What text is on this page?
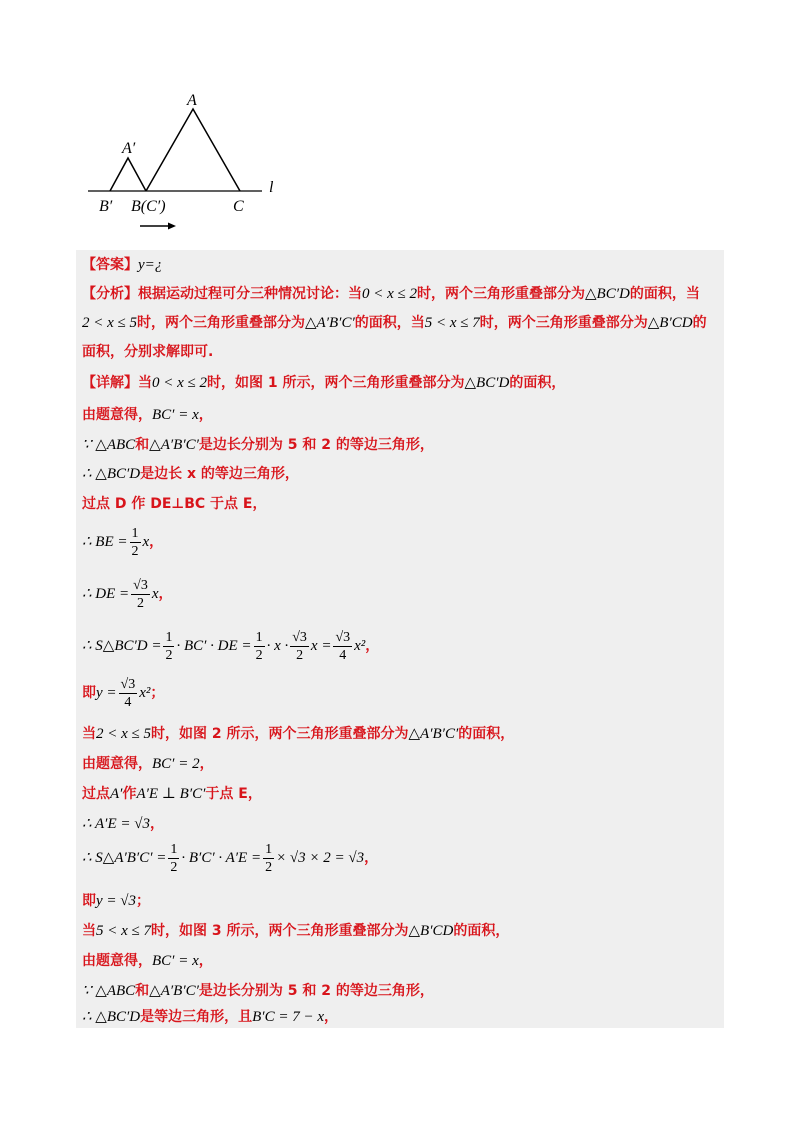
A
A′
B′ B(C′)	C
l
【答案】y=¿
【分析】根据运动过程可分三种情况讨论：当0 < x ≤ 2时，两个三角形重叠部分为△BC′D的面积，当
2 < x ≤ 5时，两个三角形重叠部分为△A′B′C′的面积，当5 < x ≤ 7时，两个三角形重叠部分为△B′CD的
面积，分别求解即可.
【详解】当0 < x ≤ 2时，如图 1 所示，两个三角形重叠部分为△BC′D的面积，
由题意得，BC′ = x，
∵ △ABC和△A′B′C′是边长分别为 5 和 2 的等边三角形，
∴ △BC′D是边长 x 的等边三角形，
过点 D 作 DE⊥BC 于点 E，
∴ BE = $\frac{1}{2}$ x，
∴ DE = $\frac{√3}{2}$ x，
∴ S△BC′D = $\frac{1}{2} \cdot BC'$ · DE = $\frac{1}{2} \cdot x \cdot \frac{√3}{2}$ $x = \frac{√3}{4} x^2$，
即$y = \frac{√3}{4} x^2$；
当2 < x ≤ 5时，如图 2 所示，两个三角形重叠部分为△A′B′C′的面积，
由题意得，BC′ = 2，
过点A′作A′E ⊥ B′C′于点 E，
∴ A′E = √3，
∴ S△A′B′C′ = $\frac{1}{2} \cdot B'C' \cdot A'E = \frac{1}{2} \times √3 \times 2 = √3$，
即y = √3；
当5 < x ≤ 7时，如图 3 所示，两个三角形重叠部分为△B′CD的面积，
由题意得，BC′ = x，
∵ △ABC和△A′B′C′是边长分别为 5 和 2 的等边三角形，
∴ △BC′D是等边三角形，且B′C = 7 − x，
